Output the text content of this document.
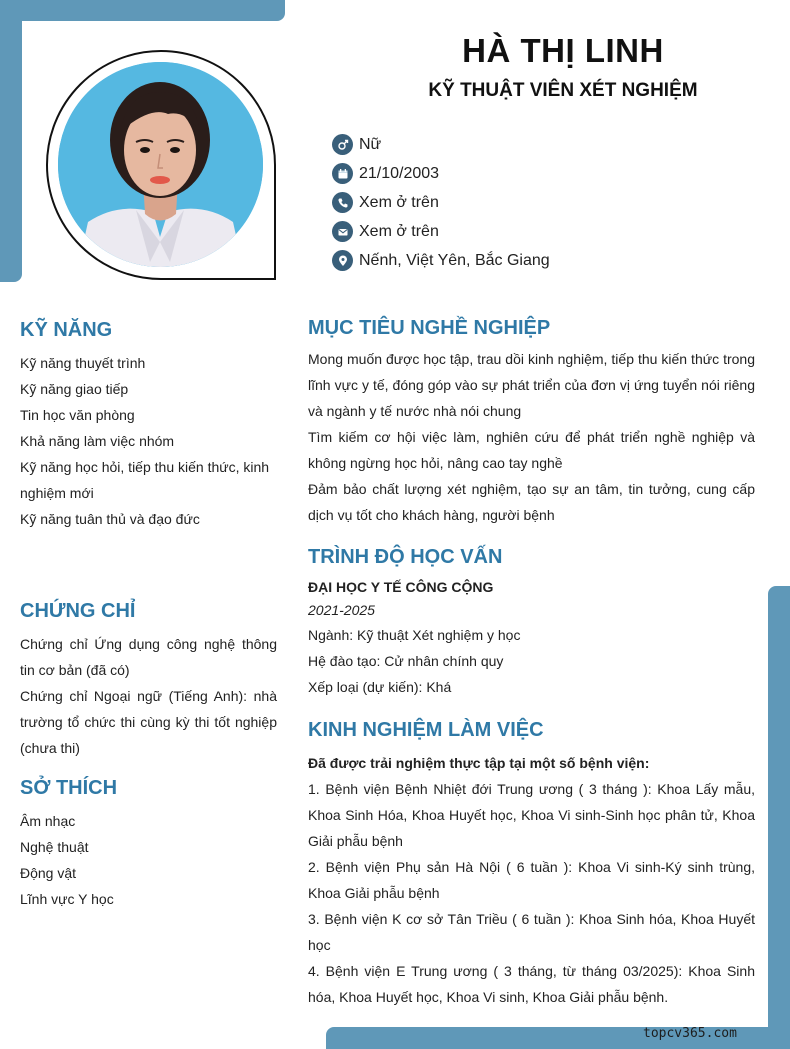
HÀ THỊ LINH
KỸ THUẬT VIÊN XÉT NGHIỆM
Nữ
21/10/2003
Xem ở trên
Xem ở trên
Nếnh, Việt Yên, Bắc Giang
KỸ NĂNG
Kỹ năng thuyết trình
Kỹ năng giao tiếp
Tin học văn phòng
Khả năng làm việc nhóm
Kỹ năng học hỏi, tiếp thu kiến thức, kinh nghiệm mới
Kỹ năng tuân thủ và đạo đức
CHỨNG CHỈ
Chứng chỉ Ứng dụng công nghệ thông tin cơ bản (đã có)
Chứng chỉ Ngoại ngữ (Tiếng Anh): nhà trường tổ chức thi cùng kỳ thi tốt nghiệp (chưa thi)
SỞ THÍCH
Âm nhạc
Nghệ thuật
Động vật
Lĩnh vực Y học
MỤC TIÊU NGHỀ NGHIỆP

Mong muốn được học tập, trau dồi kinh nghiệm, tiếp thu kiến thức trong lĩnh vực y tế, đóng góp vào sự phát triển của đơn vị ứng tuyển nói riêng và ngành y tế nước nhà nói chung

Tìm kiếm cơ hội việc làm, nghiên cứu để phát triển nghề nghiệp và không ngừng học hỏi, nâng cao tay nghề

Đảm bảo chất lượng xét nghiệm, tạo sự an tâm, tin tưởng, cung cấp dịch vụ tốt cho khách hàng, người bệnh

TRÌNH ĐỘ HỌC VẤN
ĐẠI HỌC Y TẾ CÔNG CỘNG
2021-2025
Ngành: Kỹ thuật Xét nghiệm y học
Hệ đào tạo: Cử nhân chính quy
Xếp loại (dự kiến): Khá
KINH NGHIỆM LÀM VIỆC
Đã được trải nghiệm thực tập tại một số bệnh viện:

1. Bệnh viện Bệnh Nhiệt đới Trung ương ( 3 tháng ): Khoa Lấy mẫu, Khoa Sinh Hóa, Khoa Huyết học, Khoa Vi sinh-Sinh học phân tử, Khoa Giải phẫu bệnh

2. Bệnh viện Phụ sản Hà Nội ( 6 tuần ): Khoa Vi sinh-Ký sinh trùng, Khoa Giải phẫu bệnh

3. Bệnh viện K cơ sở Tân Triều ( 6 tuần ): Khoa Sinh hóa, Khoa Huyết học

4. Bệnh viện E Trung ương ( 3 tháng, từ tháng 03/2025): Khoa Sinh hóa, Khoa Huyết học, Khoa Vi sinh, Khoa Giải phẫu bệnh.

topcv365.com
